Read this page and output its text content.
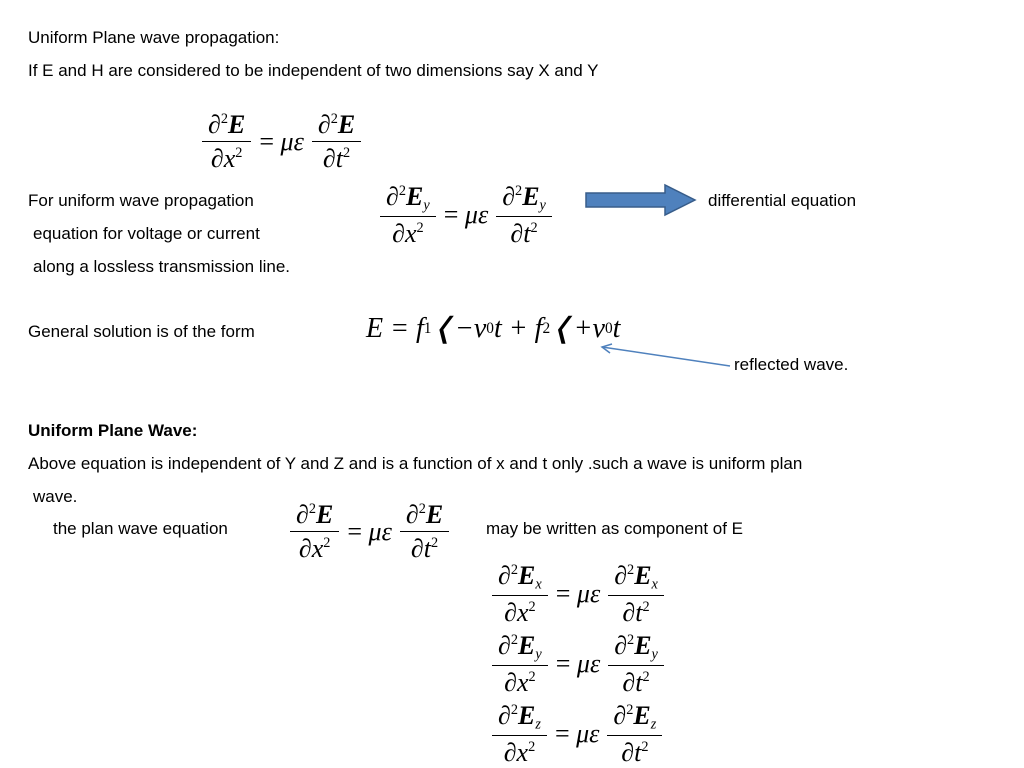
Uniform Plane wave propagation:
If E and H are considered to be independent of two dimensions say X and Y
For uniform wave propagation
equation for voltage or current
along a lossless transmission line.
differential equation
General solution is of the form
reflected wave.
Uniform Plane Wave:
Above equation is independent of Y and Z and is a function of x and t only .such a wave is uniform plan
wave.
the plan wave equation	may be written as component of E
$\frac{\partial^2E}{\partial x^2} = \mu\varepsilon \frac{\partial^2E}{\partial t^2}$
$\frac{\partial^2E_y}{\partial x^2} = \mu\varepsilon \frac{\partial^2E_y}{\partial t^2}$
E = f 1 ❬−v 0 t + f 2 ❬+v 0 t
$\frac{\partial^2E}{\partial x^2} = \mu\varepsilon \frac{\partial^2E}{\partial t^2}$
$\frac{\partial^2E_x}{\partial x^2} = \mu\varepsilon \frac{\partial^2E_x}{\partial t^2}$
$\frac{\partial^2E_y}{\partial x^2} = \mu\varepsilon \frac{\partial^2E_y}{\partial t^2}$
$\frac{\partial^2E_z}{\partial x^2} = \mu\varepsilon \frac{\partial^2E_z}{\partial t^2}$
